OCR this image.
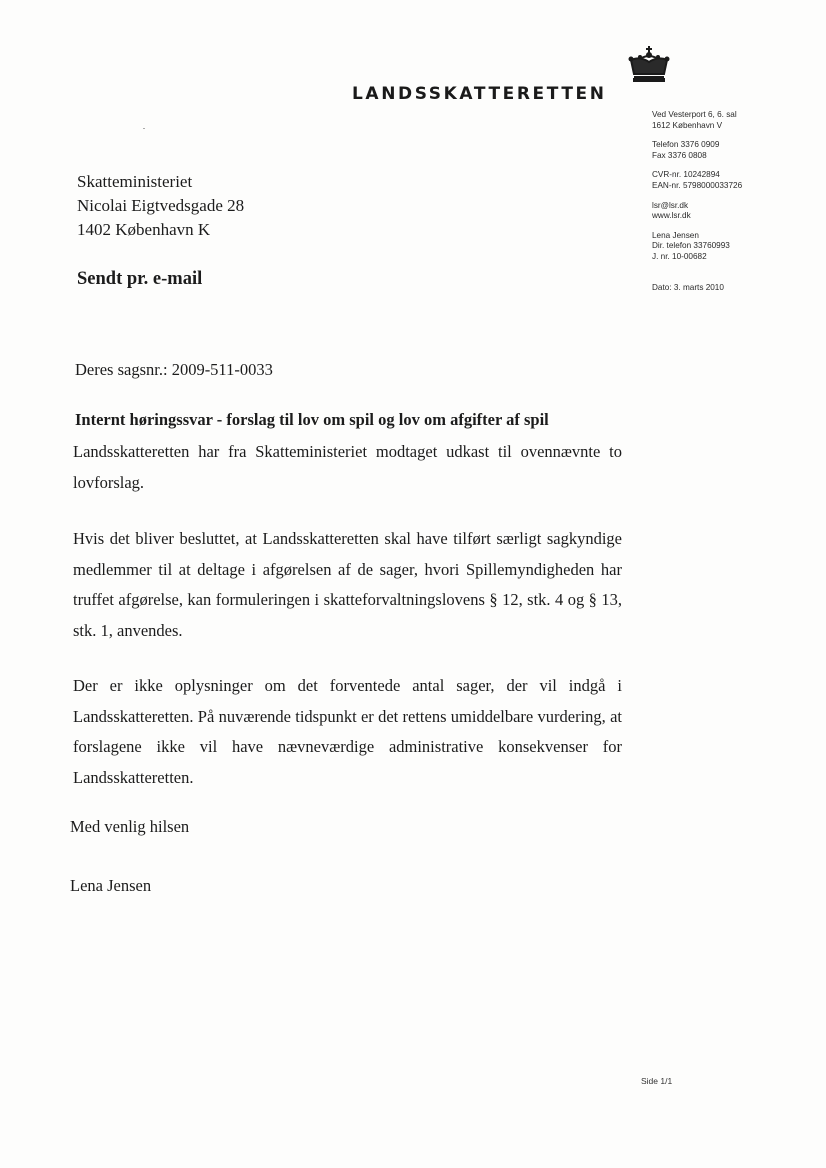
LANDSSKATTERETTEN
Ved Vesterport 6, 6. sal
1612 København V
Telefon 3376 0909
Fax 3376 0808
CVR-nr. 10242894
EAN-nr. 5798000033726
lsr@lsr.dk
www.lsr.dk
Lena Jensen
Dir. telefon 33760993
J. nr. 10-00682
Dato: 3. marts 2010
Skatteministeriet
Nicolai Eigtvedsgade 28
1402 København K
Sendt pr. e-mail
Deres sagsnr.: 2009-511-0033
Internt høringssvar - forslag til lov om spil og lov om afgifter af spil
Landsskatteretten har fra Skatteministeriet modtaget udkast til ovennævnte to lovforslag.
Hvis det bliver besluttet, at Landsskatteretten skal have tilført særligt sagkyndige medlemmer til at deltage i afgørelsen af de sager, hvori Spillemyndigheden har truffet afgørelse, kan formuleringen i skatteforvaltningslovens § 12, stk. 4 og § 13, stk. 1, anvendes.
Der er ikke oplysninger om det forventede antal sager, der vil indgå i Landsskatteretten. På nuværende tidspunkt er det rettens umiddelbare vurdering, at forslagene ikke vil have nævneværdige administrative konsekvenser for Landsskatteretten.
Med venlig hilsen
Lena Jensen
Side 1/1
